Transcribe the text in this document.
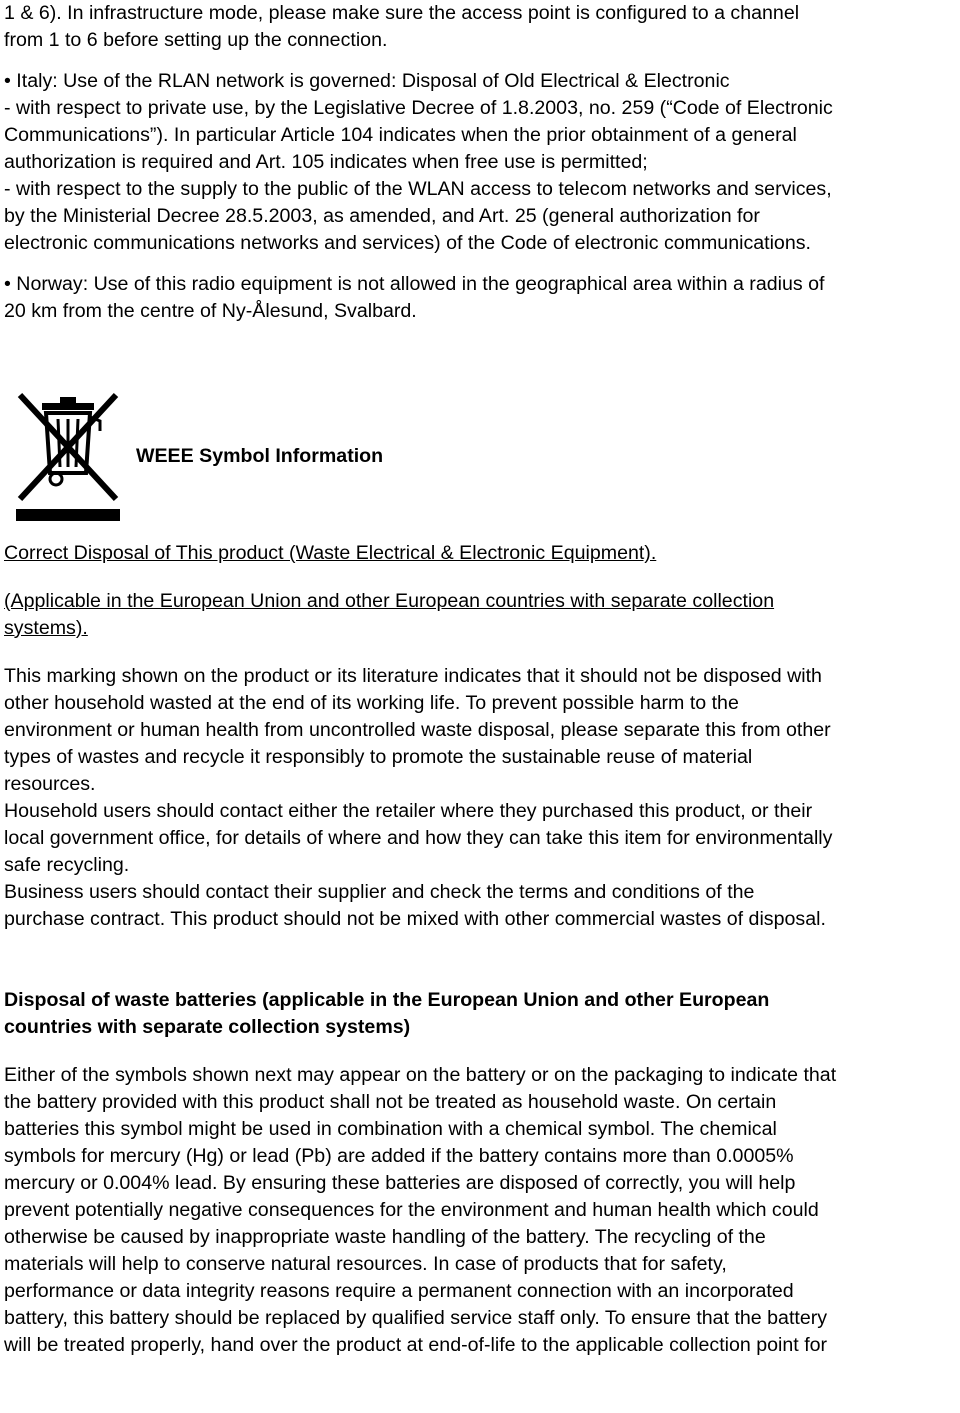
1 & 6). In infrastructure mode, please make sure the access point is configured to a channel
from 1 to 6 before setting up the connection.

• Italy: Use of the RLAN network is governed: Disposal of Old Electrical & Electronic
- with respect to private use, by the Legislative Decree of 1.8.2003, no. 259 (“Code of Electronic
Communications”). In particular Article 104 indicates when the prior obtainment of a general
authorization is required and Art. 105 indicates when free use is permitted;
- with respect to the supply to the public of the WLAN access to telecom networks and services,
by the Ministerial Decree 28.5.2003, as amended, and Art. 25 (general authorization for
electronic communications networks and services) of the Code of electronic communications.

• Norway: Use of this radio equipment is not allowed in the geographical area within a radius of
20 km from the centre of Ny-Ålesund, Svalbard.

WEEE Symbol Information

Correct Disposal of This product (Waste Electrical & Electronic Equipment).

(Applicable in the European Union and other European countries with separate collection
systems).

This marking shown on the product or its literature indicates that it should not be disposed with
other household wasted at the end of its working life. To prevent possible harm to the
environment or human health from uncontrolled waste disposal, please separate this from other
types of wastes and recycle it responsibly to promote the sustainable reuse of material
resources.
Household users should contact either the retailer where they purchased this product, or their
local government office, for details of where and how they can take this item for environmentally
safe recycling.
Business users should contact their supplier and check the terms and conditions of the
purchase contract. This product should not be mixed with other commercial wastes of disposal.

Disposal of waste batteries (applicable in the European Union and other European
countries with separate collection systems)

Either of the symbols shown next may appear on the battery or on the packaging to indicate that
the battery provided with this product shall not be treated as household waste. On certain
batteries this symbol might be used in combination with a chemical symbol. The chemical
symbols for mercury (Hg) or lead (Pb) are added if the battery contains more than 0.0005%
mercury or 0.004% lead. By ensuring these batteries are disposed of correctly, you will help
prevent potentially negative consequences for the environment and human health which could
otherwise be caused by inappropriate waste handling of the battery. The recycling of the
materials will help to conserve natural resources. In case of products that for safety,
performance or data integrity reasons require a permanent connection with an incorporated
battery, this battery should be replaced by qualified service staff only. To ensure that the battery
will be treated properly, hand over the product at end-of-life to the applicable collection point for
